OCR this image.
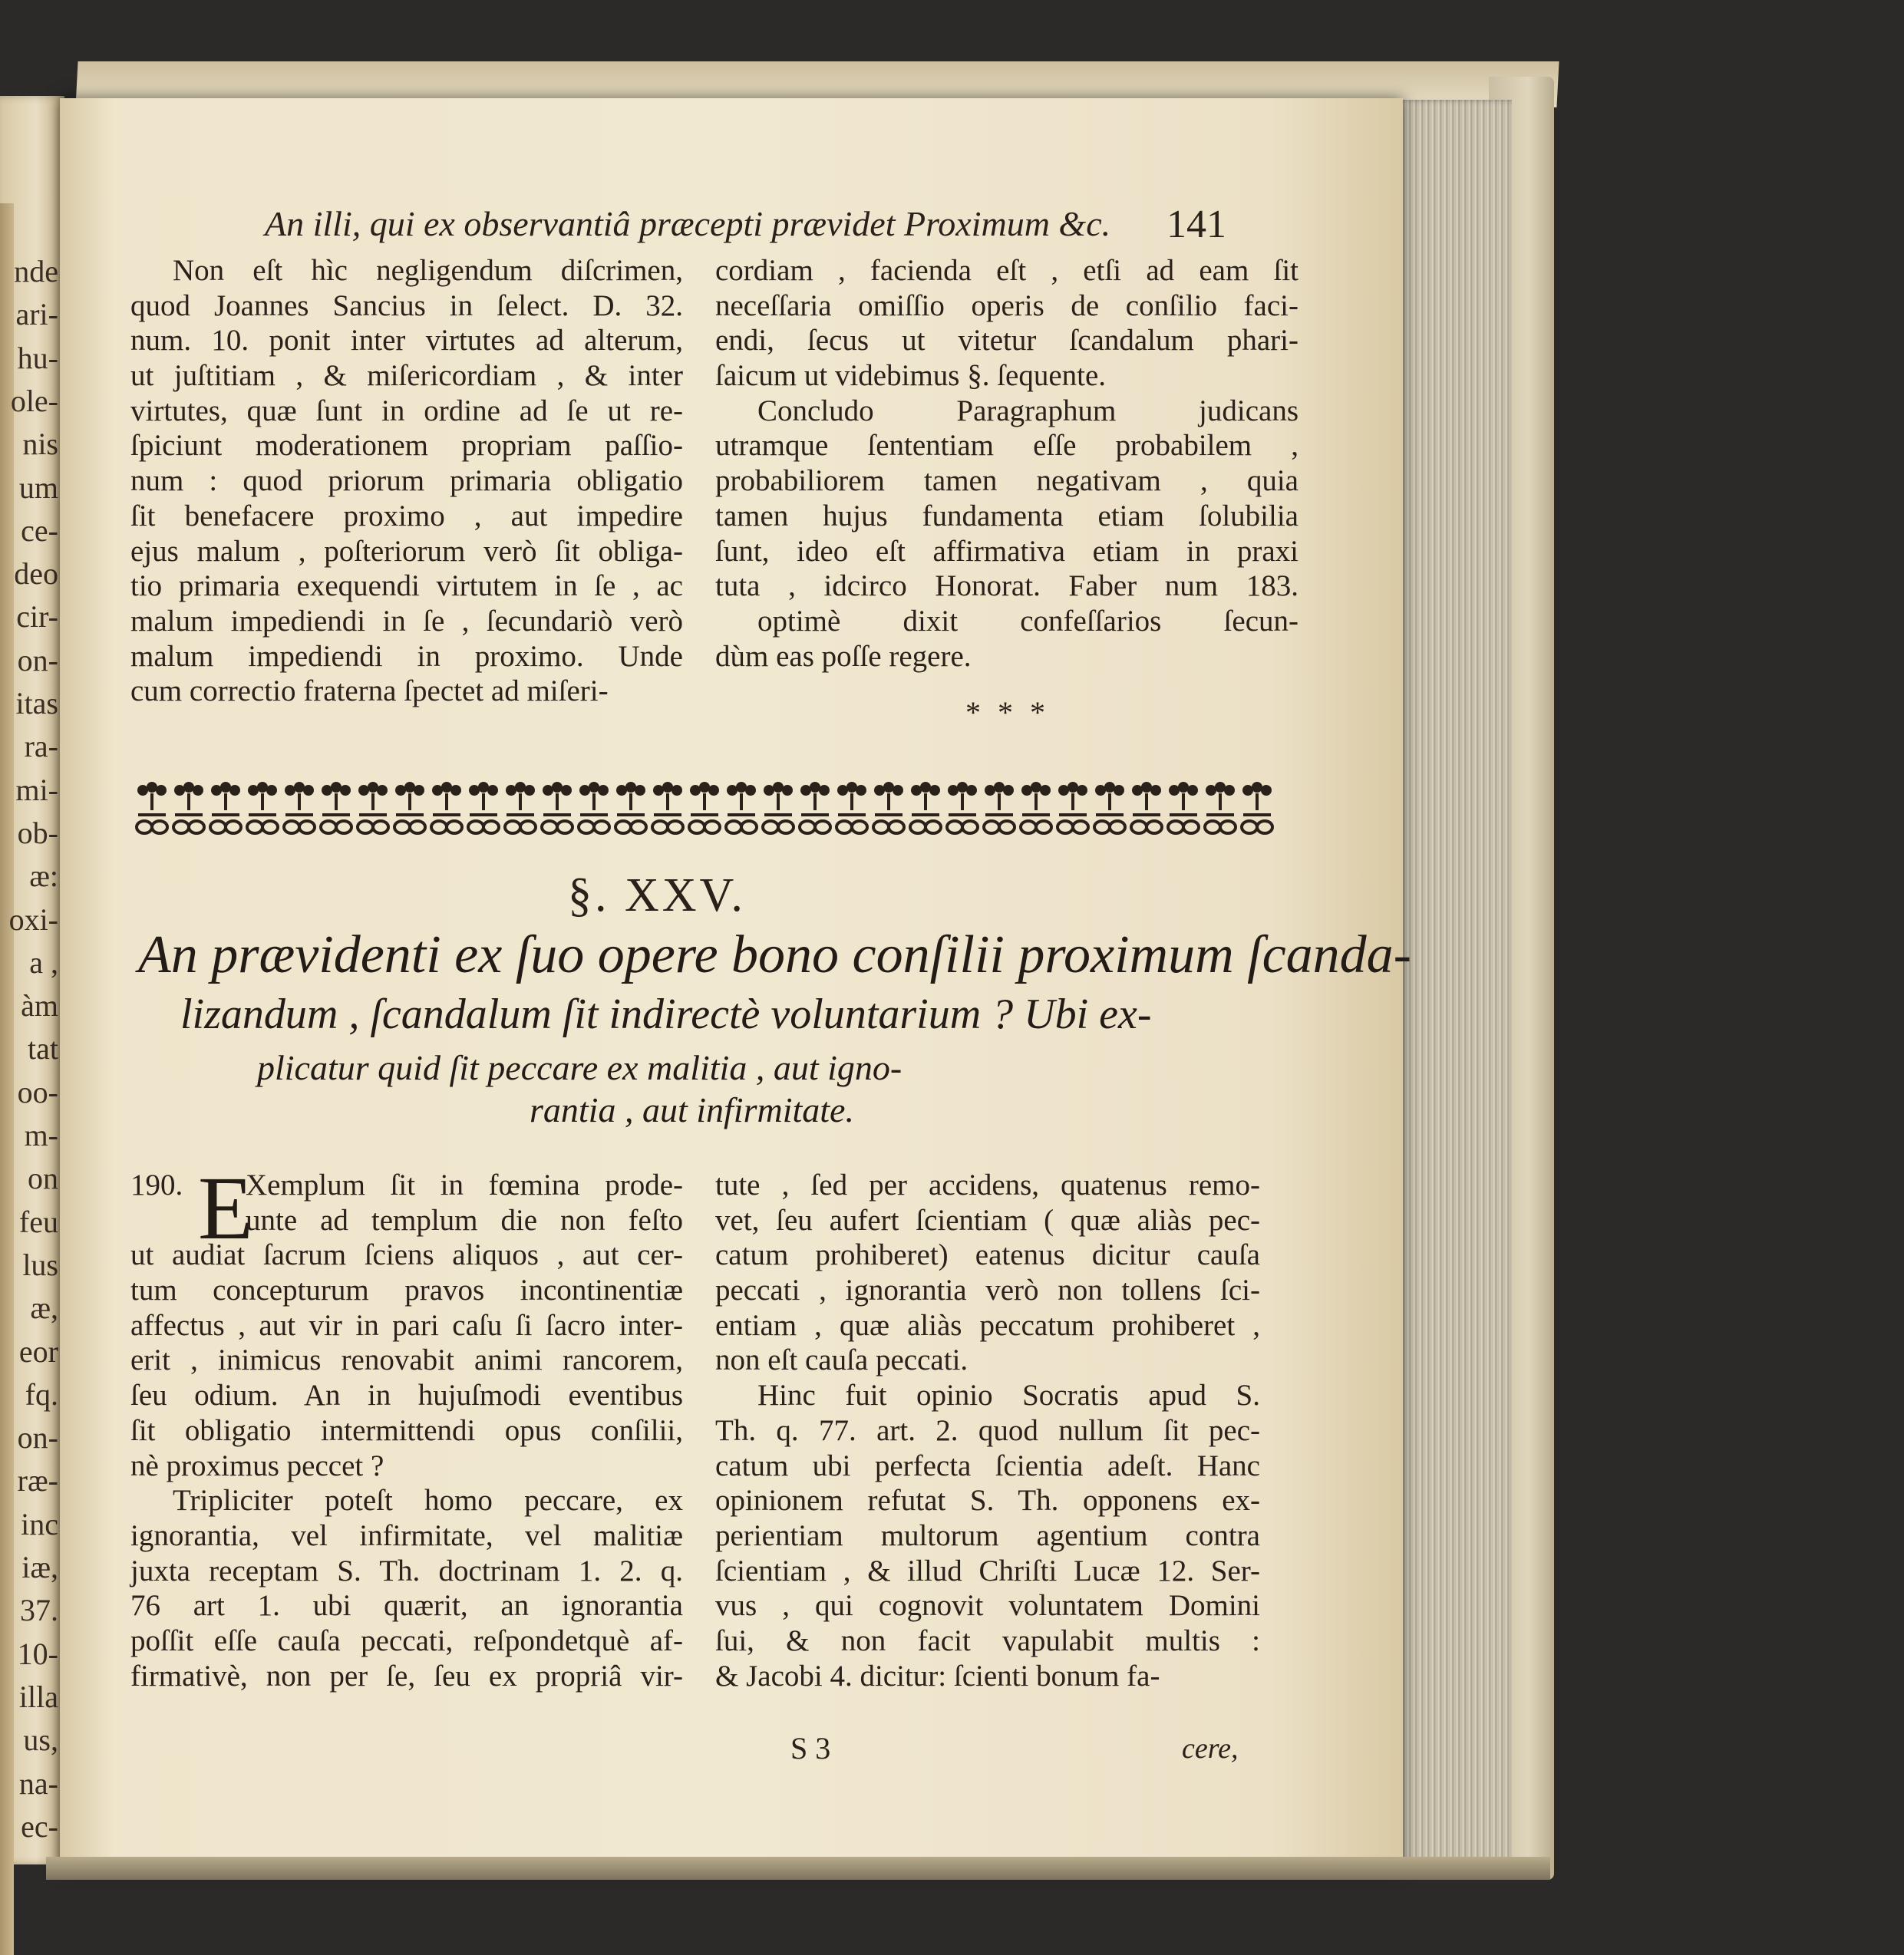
nde
ari-
hu-
ole-
nis
um
ce-
deo
cir-
on-
itas
ra-
mi-
ob-
æ:
oxi-
a ,
àm
tat
oo-
m-
on
feu
lus
æ,
eor
fq.
on-
ræ-
inc
iæ,
37.
10-
illa
us,
na-
ec-
An illi, qui ex observantiâ præcepti prævidet Proximum &c. 141
Non eſt hìc negligendum diſcrimen,
quod Joannes Sancius in ſelect. D. 32.
num. 10. ponit inter virtutes ad alterum,
ut juſtitiam , & miſericordiam , & inter
virtutes, quæ ſunt in ordine ad ſe ut re-
ſpiciunt moderationem propriam paſſio-
num : quod priorum primaria obligatio
ſit benefacere proximo , aut impedire
ejus malum , poſteriorum verò ſit obliga-
tio primaria exequendi virtutem in ſe , ac
malum impediendi in ſe , ſecundariò verò
malum impediendi in proximo. Unde
cum correctio fraterna ſpectet ad miſeri-
cordiam , facienda eſt , etſi ad eam ſit
neceſſaria omiſſio operis de conſilio faci-
endi, ſecus ut vitetur ſcandalum phari-
ſaicum ut videbimus §. ſequente.
Concludo Paragraphum judicans
utramque ſententiam eſſe probabilem ,
probabiliorem tamen negativam , quia
tamen hujus fundamenta etiam ſolubilia
ſunt, ideo eſt affirmativa etiam in praxi
tuta , idcirco Honorat. Faber num 183.
optimè dixit confeſſarios ſecun-
dùm eas poſſe regere.
* * *
§. XXV.
An prævidenti ex ſuo opere bono conſilii proximum ſcanda-
lizandum , ſcandalum ſit indirectè voluntarium ? Ubi ex-
plicatur quid ſit peccare ex malitia , aut igno-
rantia , aut infirmitate.
E
Xemplum ſit in fœmina prode-
unte ad templum die non feſto
ut audiat ſacrum ſciens aliquos , aut cer-
tum concepturum pravos incontinentiæ
affectus , aut vir in pari caſu ſi ſacro inter-
erit , inimicus renovabit animi rancorem,
ſeu odium. An in hujuſmodi eventibus
ſit obligatio intermittendi opus conſilii,
nè proximus peccet ?
Tripliciter poteſt homo peccare, ex
ignorantia, vel infirmitate, vel malitiæ
juxta receptam S. Th. doctrinam 1. 2. q.
76 art 1. ubi quærit, an ignorantia
poſſit eſſe cauſa peccati, reſpondetquè af-
firmativè, non per ſe, ſeu ex propriâ vir-
190.	tute , ſed per accidens, quatenus remo-
vet, ſeu aufert ſcientiam ( quæ aliàs pec-
catum prohiberet) eatenus dicitur cauſa
peccati , ignorantia verò non tollens ſci-
entiam , quæ aliàs peccatum prohiberet ,
non eſt cauſa peccati.
Hinc fuit opinio Socratis apud S.
Th. q. 77. art. 2. quod nullum ſit pec-
catum ubi perfecta ſcientia adeſt. Hanc
opinionem refutat S. Th. opponens ex-
perientiam multorum agentium contra
ſcientiam , & illud Chriſti Lucæ 12. Ser-
vus , qui cognovit voluntatem Domini
ſui, & non facit vapulabit multis :
& Jacobi 4. dicitur: ſcienti bonum fa-
S 3	cere,
